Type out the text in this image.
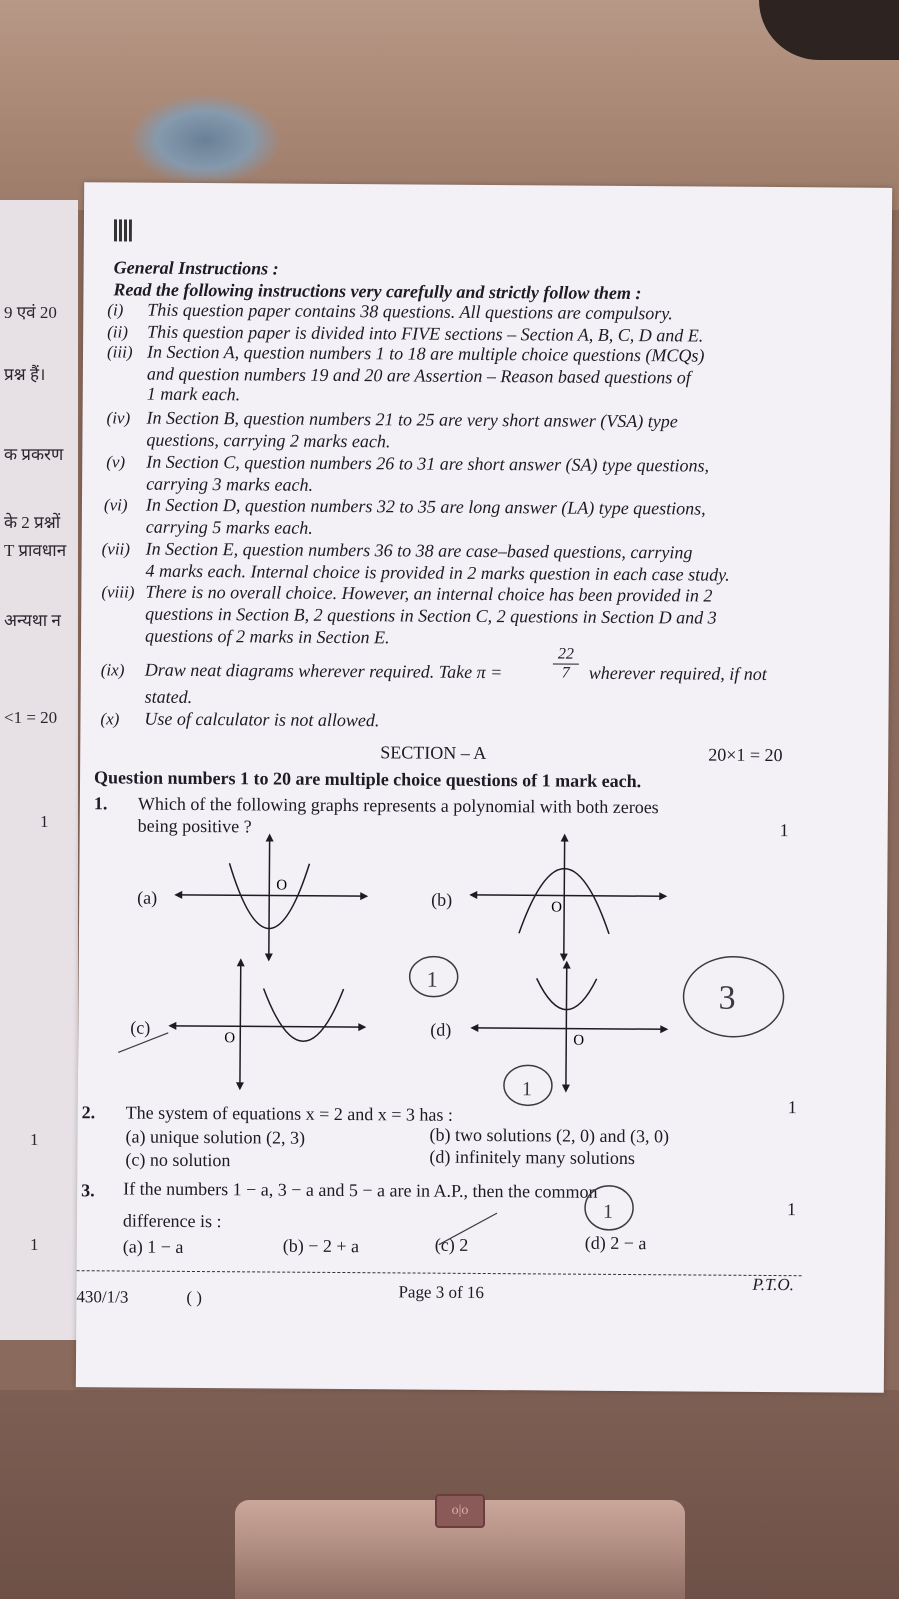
9 एवं 20
प्रश्न हैं।
क प्रकरण
के 2 प्रश्नों
T प्रावधान
अन्यथा न
<1 = 20
1
1
1
General Instructions :
Read the following instructions very carefully and strictly follow them :
(i) This question paper contains 38 questions. All questions are compulsory.
(ii) This question paper is divided into FIVE sections – Section A, B, C, D and E.
(iii) In Section A, question numbers 1 to 18 are multiple choice questions (MCQs)
and question numbers 19 and 20 are Assertion – Reason based questions of
1 mark each.
(iv) In Section B, question numbers 21 to 25 are very short answer (VSA) type
questions, carrying 2 marks each.
(v) In Section C, question numbers 26 to 31 are short answer (SA) type questions,
carrying 3 marks each.
(vi) In Section D, question numbers 32 to 35 are long answer (LA) type questions,
carrying 5 marks each.
(vii) In Section E, question numbers 36 to 38 are case–based questions, carrying
4 marks each. Internal choice is provided in 2 marks question in each case study.
(viii) There is no overall choice. However, an internal choice has been provided in 2
questions in Section B, 2 questions in Section C, 2 questions in Section D and 3
questions of 2 marks in Section E.
(ix) Draw neat diagrams wherever required. Take π =	$\frac{22}{7}$ wherever required, if not
stated.
(x) Use of calculator is not allowed.
SECTION – A	20×1 = 20
Question numbers 1 to 20 are multiple choice questions of 1 mark each.
1. Which of the following graphs represents a polynomial with both zeroes
being positive ?	1
(a)
O
(b)	O
(c)
O	(d)
O
2. The system of equations x = 2 and x = 3 has :	1
(a) unique solution (2, 3)	(b) two solutions (2, 0) and (3, 0)
(c) no solution	(d) infinitely many solutions
3. If the numbers 1 − a, 3 − a and 5 − a are in A.P., then the common
difference is :
1
(a) 1 − a	(b) − 2 + a	(c) 2	(d) 2 − a
1
3
1
1
430/1/3	( )	Page 3 of 16	P.T.O.
o|o
